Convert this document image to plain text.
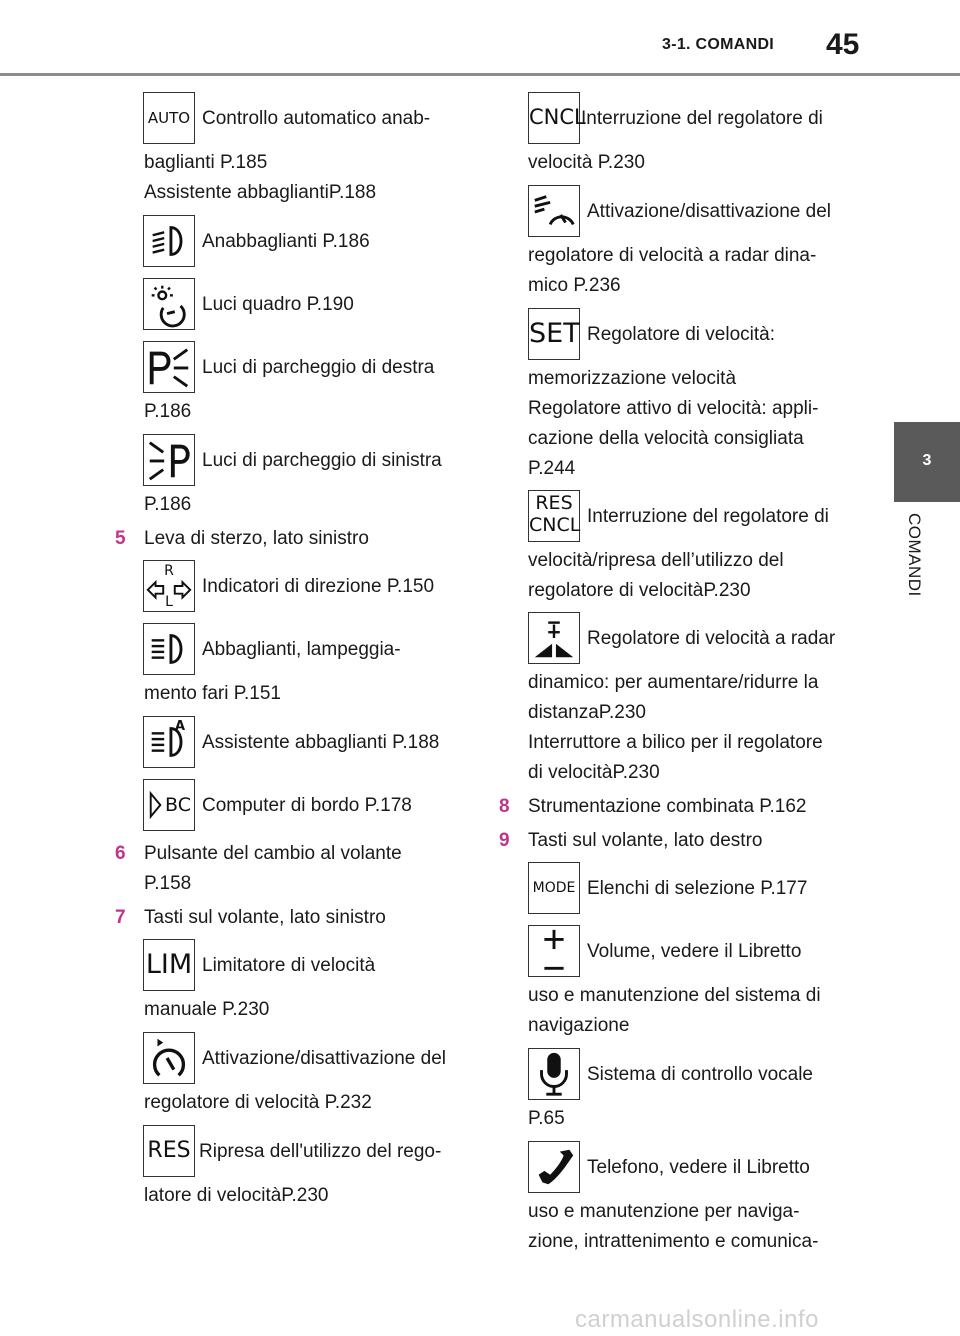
3-1. COMANDI 45
3
COMANDI
AUTO Controllo automatico anab-
baglianti P.185
Assistente abbagliantiP.188
Anabbaglianti P.186
Luci quadro P.190
Luci di parcheggio di destra
P.186
Luci di parcheggio di sinistra
P.186
5 Leva di sterzo, lato sinistro
R
L
Indicatori di direzione P.150
Abbaglianti, lampeggia-
mento fari P.151
A
Assistente abbaglianti P.188
BC Computer di bordo P.178
6 Pulsante del cambio al volante
P.158
7 Tasti sul volante, lato sinistro
LIM Limitatore di velocità
manuale P.230
Attivazione/disattivazione del
regolatore di velocità P.232
RES Ripresa dell'utilizzo del rego-
latore di velocitàP.230
CNCL
Interruzione del regolatore di
velocità P.230
Attivazione/disattivazione del
regolatore di velocità a radar dina-
mico P.236
SET Regolatore di velocità:
memorizzazione velocità
Regolatore attivo di velocità: appli-
cazione della velocità consigliata
P.244
RES
CNCL Interruzione del regolatore di
velocità/ripresa dell’utilizzo del
regolatore di velocitàP.230
Regolatore di velocità a radar
dinamico: per aumentare/ridurre la
distanzaP.230
Interruttore a bilico per il regolatore
di velocitàP.230
8 Strumentazione combinata P.162
9 Tasti sul volante, lato destro
MODE Elenchi di selezione P.177
Volume, vedere il Libretto
uso e manutenzione del sistema di
navigazione
Sistema di controllo vocale
P.65
Telefono, vedere il Libretto
uso e manutenzione per naviga-
zione, intrattenimento e comunica-
carmanualsonline.info
